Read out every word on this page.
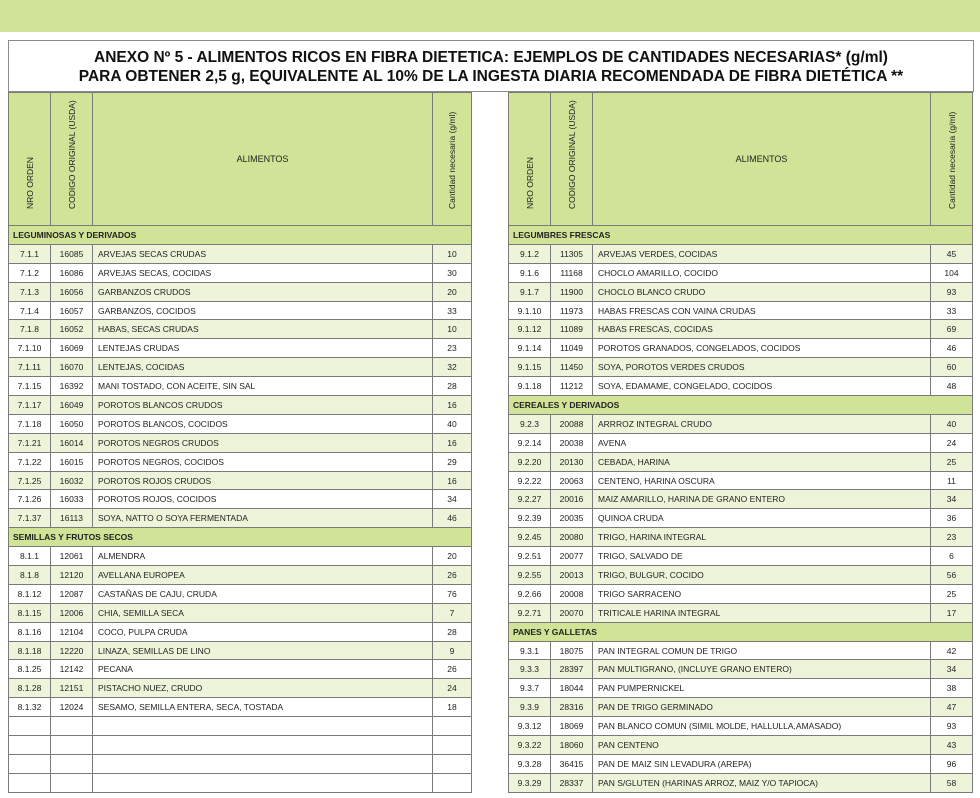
ANEXO Nº 5 - ALIMENTOS RICOS EN FIBRA DIETETICA: EJEMPLOS DE CANTIDADES NECESARIAS* (g/ml)
PARA OBTENER 2,5 g, EQUIVALENTE AL 10% DE LA INGESTA DIARIA RECOMENDADA DE FIBRA DIETÉTICA **
NRO ORDEN	CODIGO ORIGINAL (USDA)	ALIMENTOS	Cantidad necesaria (g/ml)

LEGUMINOSAS Y DERIVADOS			
7.1.1	16085	ARVEJAS SECAS CRUDAS	10
7.1.2	16086	ARVEJAS SECAS, COCIDAS	30
7.1.3	16056	GARBANZOS CRUDOS	20
7.1.4	16057	GARBANZOS, COCIDOS	33
7.1.8	16052	HABAS, SECAS CRUDAS	10
7.1.10	16069	LENTEJAS CRUDAS	23
7.1.11	16070	LENTEJAS, COCIDAS	32
7.1.15	16392	MANI TOSTADO, CON ACEITE, SIN SAL	28
7.1.17	16049	POROTOS BLANCOS CRUDOS	16
7.1.18	16050	POROTOS BLANCOS, COCIDOS	40
7.1.21	16014	POROTOS NEGROS CRUDOS	16
7.1.22	16015	POROTOS NEGROS, COCIDOS	29
7.1.25	16032	POROTOS ROJOS CRUDOS	16
7.1.26	16033	POROTOS ROJOS, COCIDOS	34
7.1.37	16113	SOYA, NATTO O SOYA FERMENTADA	46
SEMILLAS Y FRUTOS SECOS			
8.1.1	12061	ALMENDRA	20
8.1.8	12120	AVELLANA EUROPEA	26
8.1.12	12087	CASTAÑAS DE CAJU, CRUDA	76
8.1.15	12006	CHIA, SEMILLA SECA	7
8.1.16	12104	COCO, PULPA CRUDA	28
8.1.18	12220	LINAZA, SEMILLAS DE LINO	9
8.1.25	12142	PECANA	26
8.1.28	12151	PISTACHO NUEZ, CRUDO	24
8.1.32	12024	SESAMO, SEMILLA ENTERA, SECA, TOSTADA	18

NRO ORDEN	CODIGO ORIGINAL (USDA)	ALIMENTOS	Cantidad necesaria (g/ml)

LEGUMBRES FRESCAS			
9.1.2	11305	ARVEJAS VERDES, COCIDAS	45
9.1.6	11168	CHOCLO AMARILLO, COCIDO	104
9.1.7	11900	CHOCLO BLANCO CRUDO	93
9.1.10	11973	HABAS FRESCAS CON VAINA CRUDAS	33
9.1.12	11089	HABAS FRESCAS, COCIDAS	69
9.1.14	11049	POROTOS GRANADOS, CONGELADOS, COCIDOS	46
9.1.15	11450	SOYA, POROTOS VERDES CRUDOS	60
9.1.18	11212	SOYA, EDAMAME, CONGELADO, COCIDOS	48
CEREALES Y DERIVADOS			
9.2.3	20088	ARRROZ INTEGRAL CRUDO	40
9.2.14	20038	AVENA	24
9.2.20	20130	CEBADA, HARINA	25
9.2.22	20063	CENTENO, HARINA OSCURA	11
9.2.27	20016	MAIZ AMARILLO, HARINA DE GRANO ENTERO	34
9.2.39	20035	QUINOA CRUDA	36
9.2.45	20080	TRIGO, HARINA INTEGRAL	23
9.2.51	20077	TRIGO, SALVADO DE	6
9.2.55	20013	TRIGO, BULGUR, COCIDO	56
9.2.66	20008	TRIGO SARRACENO	25
9.2.71	20070	TRITICALE HARINA INTEGRAL	17
PANES Y GALLETAS			
9.3.1	18075	PAN INTEGRAL COMUN DE TRIGO	42
9.3.3	28397	PAN MULTIGRANO, (INCLUYE GRANO ENTERO)	34
9.3.7	18044	PAN PUMPERNICKEL	38
9.3.9	28316	PAN DE TRIGO GERMINADO	47
9.3.12	18069	PAN BLANCO COMUN (SIMIL MOLDE, HALLULLA,AMASADO)	93
9.3.22	18060	PAN CENTENO	43
9.3.28	36415	PAN DE MAIZ SIN LEVADURA (AREPA)	96
9.3.29	28337	PAN S/GLUTEN (HARINAS ARROZ, MAIZ Y/O TAPIOCA)	58
